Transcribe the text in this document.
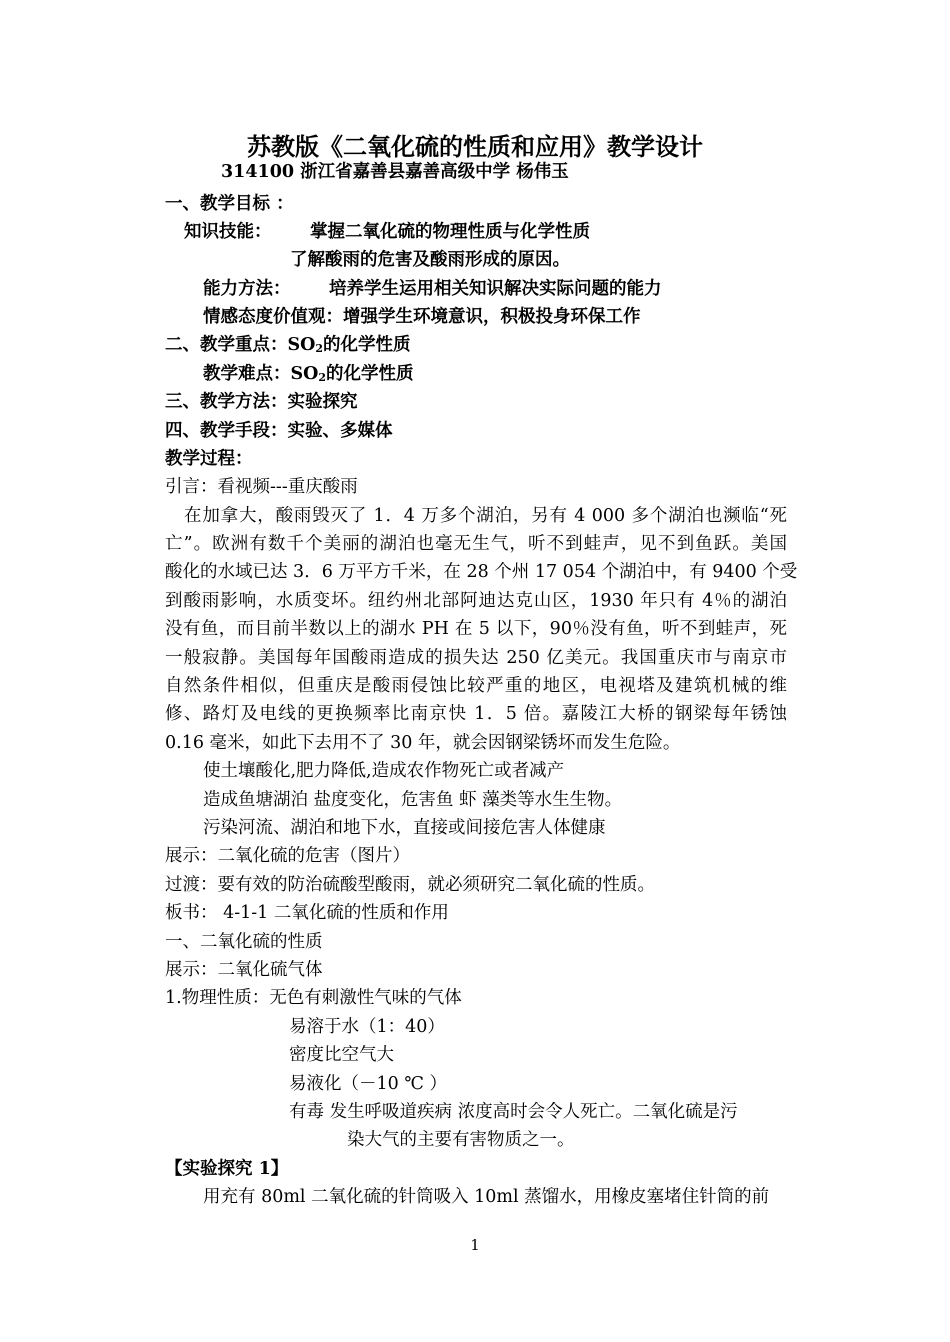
苏教版《二氧化硫的性质和应用》教学设计
314100 浙江省嘉善县嘉善高级中学 杨伟玉
一、教学目标 ：
知识技能： 掌握二氧化硫的物理性质与化学性质
了解酸雨的危害及酸雨形成的原因。
能力方法： 培养学生运用相关知识解决实际问题的能力
情感态度价值观：增强学生环境意识，积极投身环保工作
二、教学重点：$SO_2$的化学性质
教学难点：$SO_2$的化学性质
三、教学方法：实验探究
四、教学手段：实验、多媒体
教学过程：
引言：看视频---重庆酸雨
在加拿大，酸雨毁灭了 1．4 万多个湖泊，另有 4 000 多个湖泊也濒临“死
亡”。欧洲有数千个美丽的湖泊也毫无生气，听不到蛙声，见不到鱼跃。美国
酸化的水域已达 3．6 万平方千米，在 28 个州 17 054 个湖泊中，有 9400 个受
到酸雨影响，水质变坏。纽约州北部阿迪达克山区，1930 年只有 4％的湖泊
没有鱼，而目前半数以上的湖水 PH 在 5 以下，90％没有鱼，听不到蛙声，死
一般寂静。美国每年国酸雨造成的损失达 250 亿美元。我国重庆市与南京市
自然条件相似，但重庆是酸雨侵蚀比较严重的地区，电视塔及建筑机械的维
修、路灯及电线的更换频率比南京快 1．5 倍。嘉陵江大桥的钢梁每年锈蚀
0.16 毫米，如此下去用不了 30 年，就会因钢梁锈坏而发生危险。
使土壤酸化,肥力降低,造成农作物死亡或者减产
造成鱼塘湖泊 盐度变化，危害鱼 虾 藻类等水生生物。
污染河流、湖泊和地下水，直接或间接危害人体健康
展示：二氧化硫的危害（图片）
过渡：要有效的防治硫酸型酸雨，就必须研究二氧化硫的性质。
板书： 4-1-1 二氧化硫的性质和作用
一、二氧化硫的性质
展示：二氧化硫气体
1.物理性质：无色有刺激性气味的气体
易溶于水（1：40）
密度比空气大
易液化（－10 ℃ ）
有毒 发生呼吸道疾病 浓度高时会令人死亡。二氧化硫是污
染大气的主要有害物质之一。
【实验探究 1】
用充有 80ml 二氧化硫的针筒吸入 10ml 蒸馏水，用橡皮塞堵住针筒的前
1
